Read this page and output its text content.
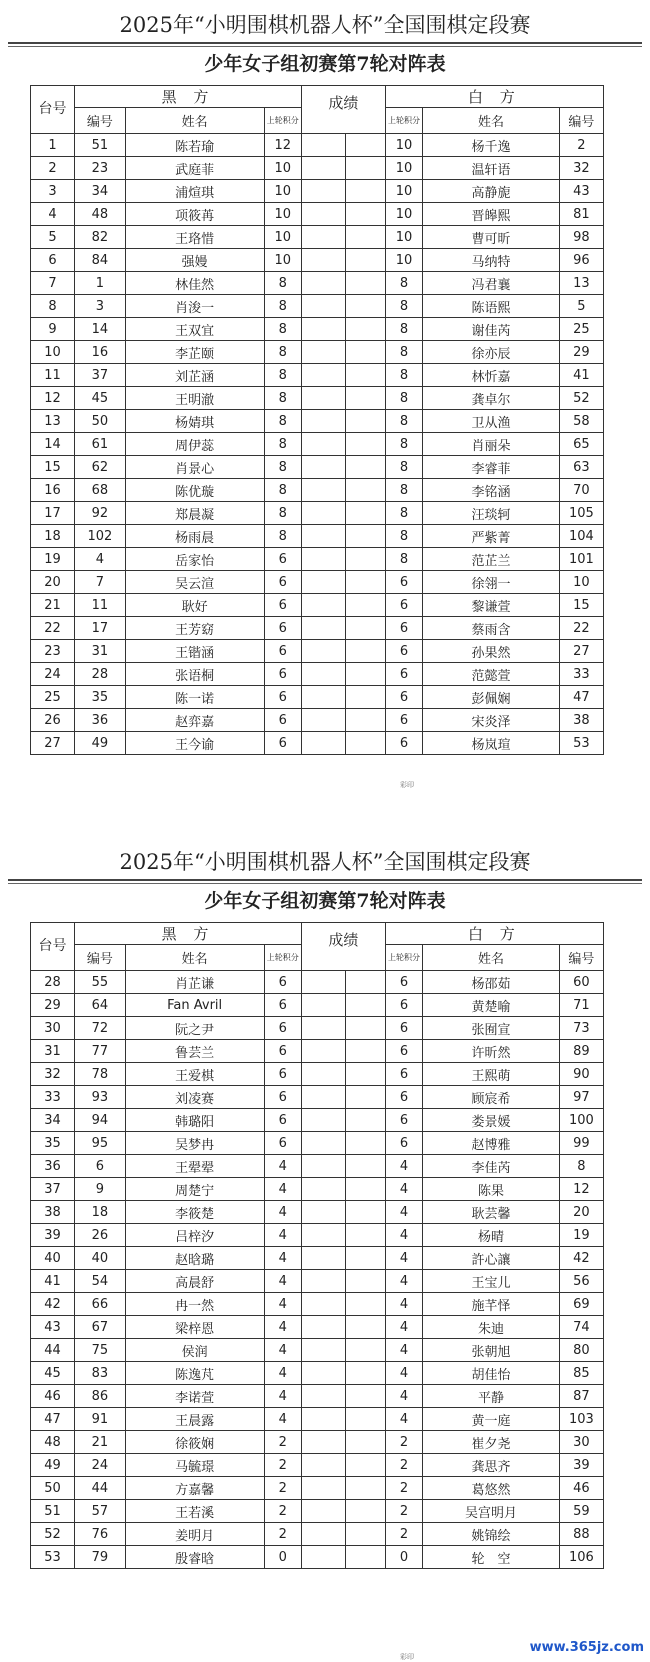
2025年“小明围棋机器人杯”全国围棋定段赛
少年女子组初赛第7轮对阵表
台号	黑 方			成绩		白 方		
	编号	姓名	上轮积分			上轮积分	姓名	编号
1	51	陈若瑜	12			10	杨千逸	2
2	23	武庭菲	10			10	温轩语	32
3	34	浦煊琪	10			10	高静旎	43
4	48	项筱苒	10			10	晋皞熙	81
5	82	王珞惜	10			10	曹可昕	98
6	84	强嫚	10			10	马纳特	96
7	1	林佳然	8			8	冯君襄	13
8	3	肖浚一	8			8	陈语熙	5
9	14	王双宜	8			8	谢佳芮	25
10	16	李芷颐	8			8	徐亦辰	29
11	37	刘芷涵	8			8	林忻嘉	41
12	45	王明澈	8			8	龚卓尔	52
13	50	杨婧琪	8			8	卫从渔	58
14	61	周伊蕊	8			8	肖丽朵	65
15	62	肖景心	8			8	李睿菲	63
16	68	陈优璇	8			8	李铭涵	70
17	92	郑晨凝	8			8	汪琰轲	105
18	102	杨雨晨	8			8	严紫菁	104
19	4	岳家怡	6			8	范芷兰	101
20	7	吴云渲	6			6	徐翎一	10
21	11	耿好	6			6	黎谦萱	15
22	17	王芳窈	6			6	蔡雨含	22
23	31	王锴涵	6			6	孙果然	27
24	28	张语桐	6			6	范懿萱	33
25	35	陈一诺	6			6	彭佩娴	47
26	36	赵弈嘉	6			6	宋炎泽	38
27	49	王今谕	6			6	杨岚瑄	53
2025年“小明围棋机器人杯”全国围棋定段赛
少年女子组初赛第7轮对阵表
台号	黑 方			成绩		白 方		
	编号	姓名	上轮积分			上轮积分	姓名	编号
28	55	肖芷谦	6			6	杨邵茹	60
29	64	Fan Avril	6			6	黄楚喻	71
30	72	阮之尹	6			6	张囿宣	73
31	77	鲁芸兰	6			6	许昕然	89
32	78	王爱棋	6			6	王熙萌	90
33	93	刘凌赛	6			6	顾宸希	97
34	94	韩璐阳	6			6	娄景媛	100
35	95	吴梦冉	6			6	赵博雅	99
36	6	王翚翚	4			4	李佳芮	8
37	9	周楚宁	4			4	陈果	12
38	18	李筱楚	4			4	耿芸馨	20
39	26	吕梓汐	4			4	杨晴	19
40	40	赵晗璐	4			4	許心讓	42
41	54	高晨舒	4			4	王宝儿	56
42	66	冉一然	4			4	施芊怿	69
43	67	梁梓恩	4			4	朱迪	74
44	75	侯润	4			4	张朝旭	80
45	83	陈逸芃	4			4	胡佳怡	85
46	86	李诺萱	4			4	平静	87
47	91	王晨露	4			4	黄一庭	103
48	21	徐筱娴	2			2	崔夕尧	30
49	24	马毓璟	2			2	龚思齐	39
50	44	方嘉馨	2			2	葛悠然	46
51	57	王若溪	2			2	吴宫明月	59
52	76	姜明月	2			2	姚锦绘	88
53	79	殷睿晗	0			0	轮　空	106
彩印
彩印
www.365jz.com
